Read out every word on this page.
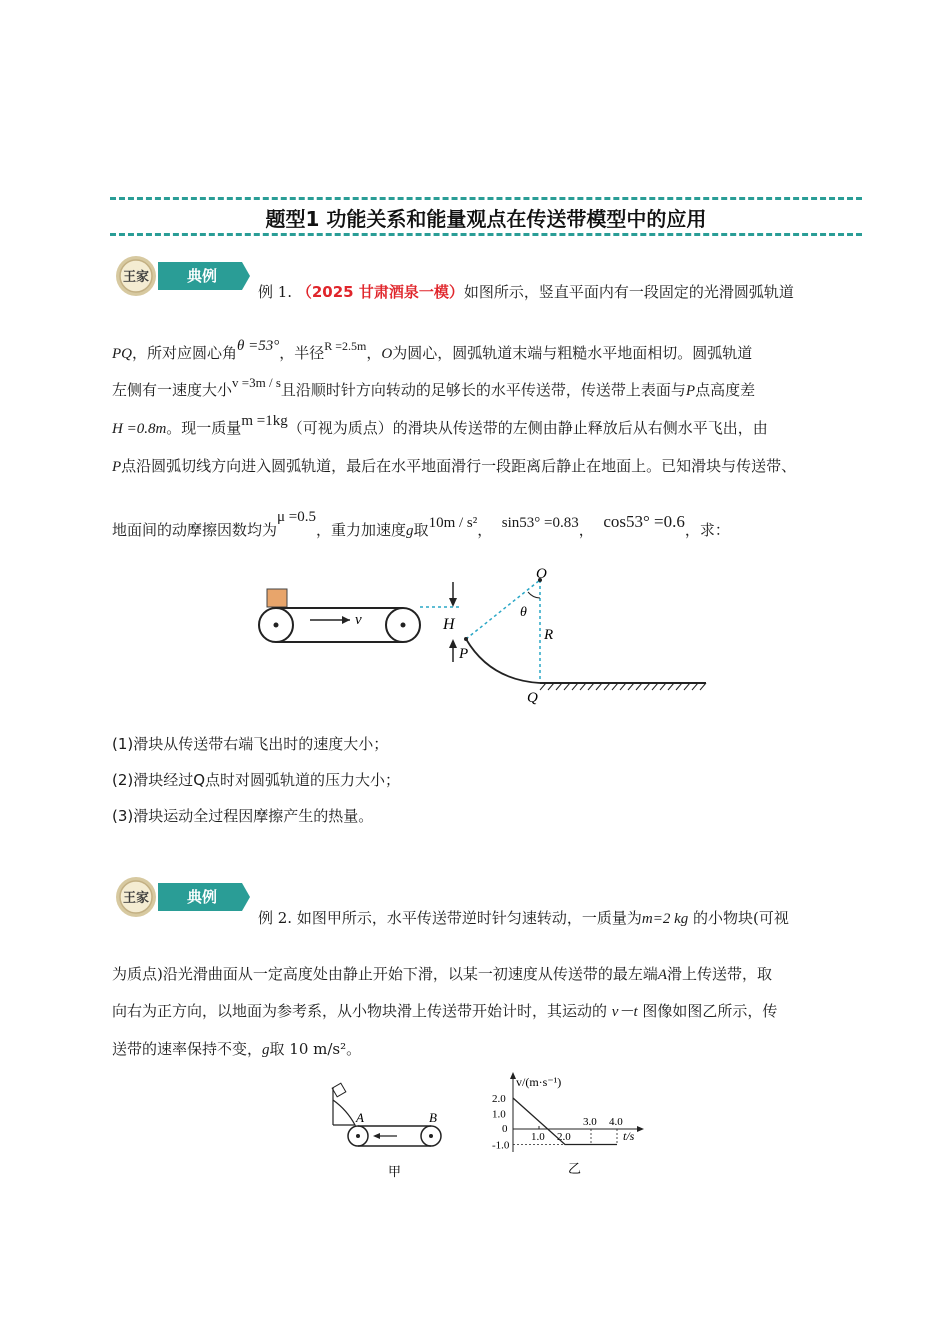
题型1 功能关系和能量观点在传送带模型中的应用
王家	典例
例 1. （2025 甘肃酒泉一模）如图所示，竖直平面内有一段固定的光滑圆弧轨道
PQ，所对应圆心角θ =53°，半径$^{R =2.5m}$，O为圆心，圆弧轨道末端与粗糙水平地面相切。圆弧轨道
左侧有一速度大小v =3m / s且沿顺时针方向转动的足够长的水平传送带，传送带上表面与P点高度差
H =0.8m。现一质量m =1kg（可视为质点）的滑块从传送带的左侧由静止释放后从右侧水平飞出，由
P点沿圆弧切线方向进入圆弧轨道，最后在水平地面滑行一段距离后静止在地面上。已知滑块与传送带、
地面间的动摩擦因数均为μ =0.5，重力加速度g取10m / s²， sin53° =0.83， cos53° =0.6，求：
v	H
O
θ
R
P
Q
(1)滑块从传送带右端飞出时的速度大小；
(2)滑块经过Q点时对圆弧轨道的压力大小；
(3)滑块运动全过程因摩擦产生的热量。
王家	典例
例 2. 如图甲所示，水平传送带逆时针匀速转动，一质量为m=2 kg 的小物块(可视
为质点)沿光滑曲面从一定高度处由静止开始下滑，以某一初速度从传送带的最左端A滑上传送带，取
向右为正方向，以地面为参考系，从小物块滑上传送带开始计时，其运动的 v－t 图像如图乙所示，传
送带的速率保持不变，g取 10 m/s²。
A	B
甲
v/(m·s⁻¹)
t/s
0
2.0
1.0
-1.0
1.0 2.0
3.0 4.0
乙
